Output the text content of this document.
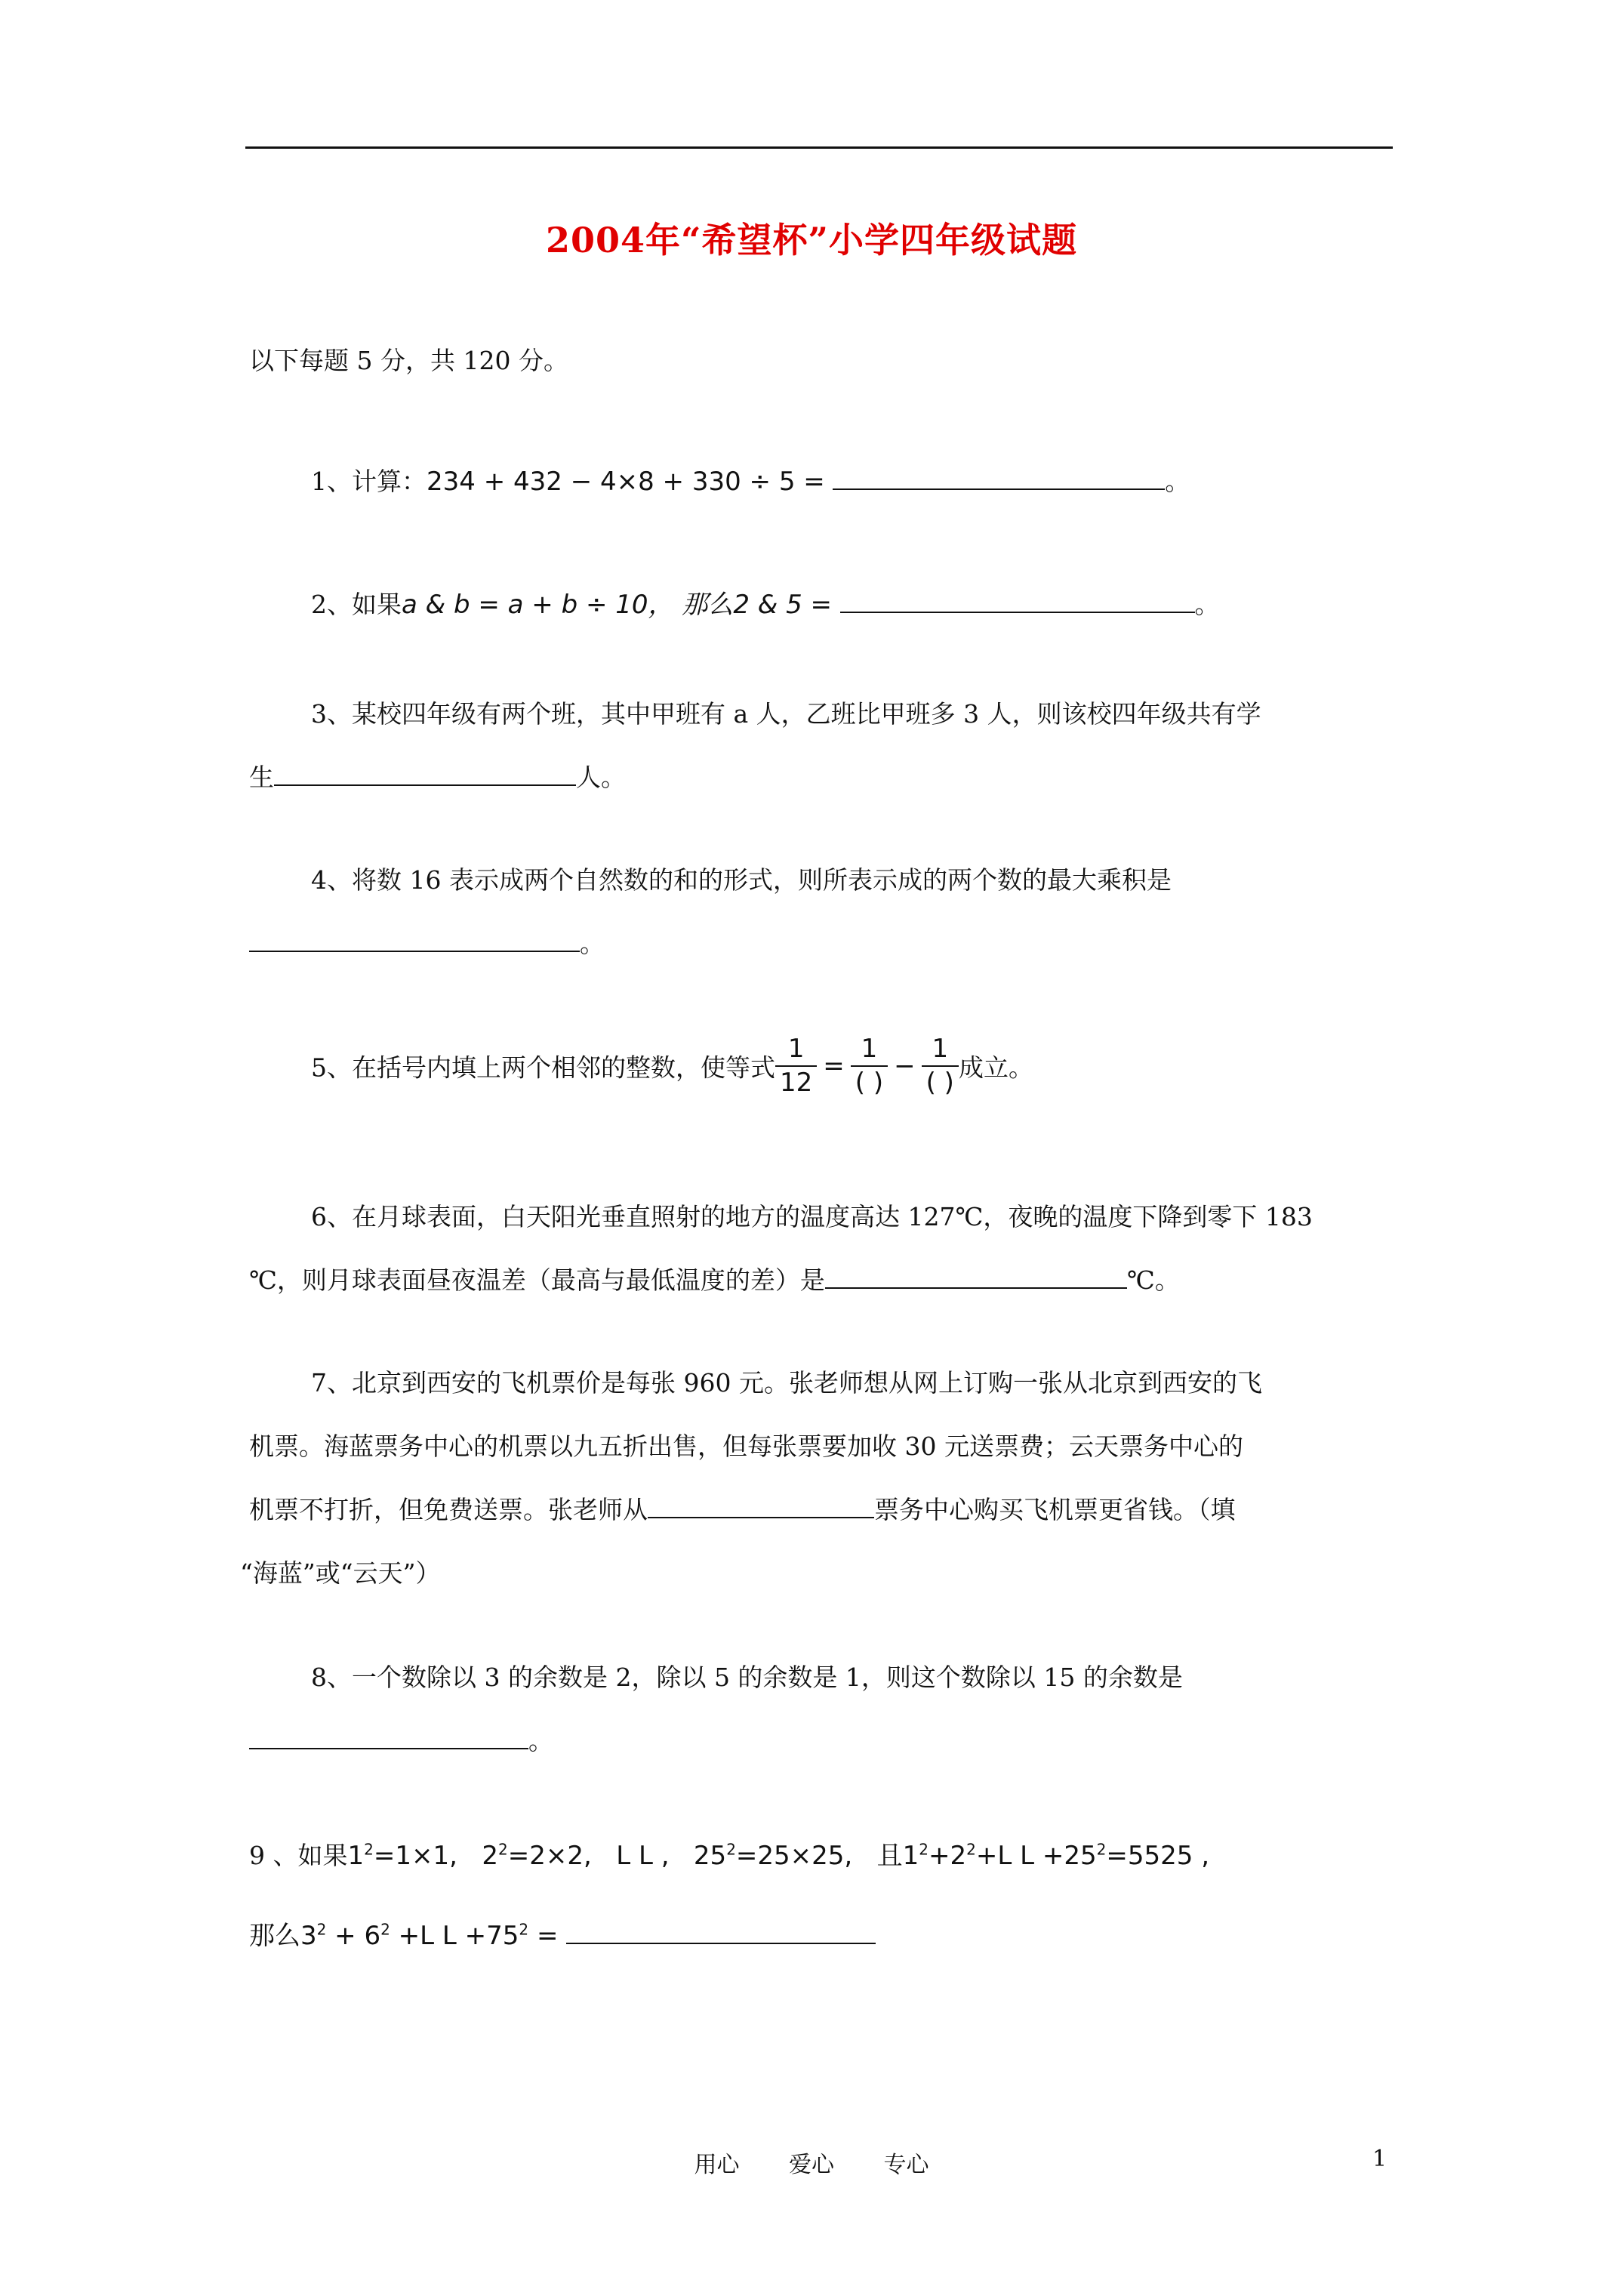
2004年“希望杯”小学四年级试题
以下每题 5 分，共 120 分。
1、计算：234 + 432 − 4×8 + 330 ÷ 5 =	。
2、如果a & b = a + b ÷ 10， 那么2 & 5 =	。
3、某校四年级有两个班，其中甲班有 a 人，乙班比甲班多 3 人，则该校四年级共有学
生	人。
4、将数 16 表示成两个自然数的和的形式，则所表示成的两个数的最大乘积是
。
5、在括号内填上两个相邻的整数，使等式 $\frac{1}{12} = \frac{1}{( )} - \frac{1}{( )}$ 成立。
6、在月球表面，白天阳光垂直照射的地方的温度高达 127℃，夜晚的温度下降到零下 183
℃，则月球表面昼夜温差（最高与最低温度的差）是	℃。
7、北京到西安的飞机票价是每张 960 元。张老师想从网上订购一张从北京到西安的飞
机票。海蓝票务中心的机票以九五折出售，但每张票要加收 30 元送票费；云天票务中心的
机票不打折，但免费送票。张老师从	票务中心购买飞机票更省钱。（填
“海蓝”或“云天”）
8、一个数除以 3 的余数是 2，除以 5 的余数是 1，则这个数除以 15 的余数是
。
9 、如果$1^2=1\times 1$,   $2^2=2\times 2$,   L L ,   $25^2=25\times 25$,   且$1^2+2^2+L$ $L +25^2=5525$ ,
那么$3^2 + 6^2 +L$ $L +75^2$ =
用心 爱心 专心	1
